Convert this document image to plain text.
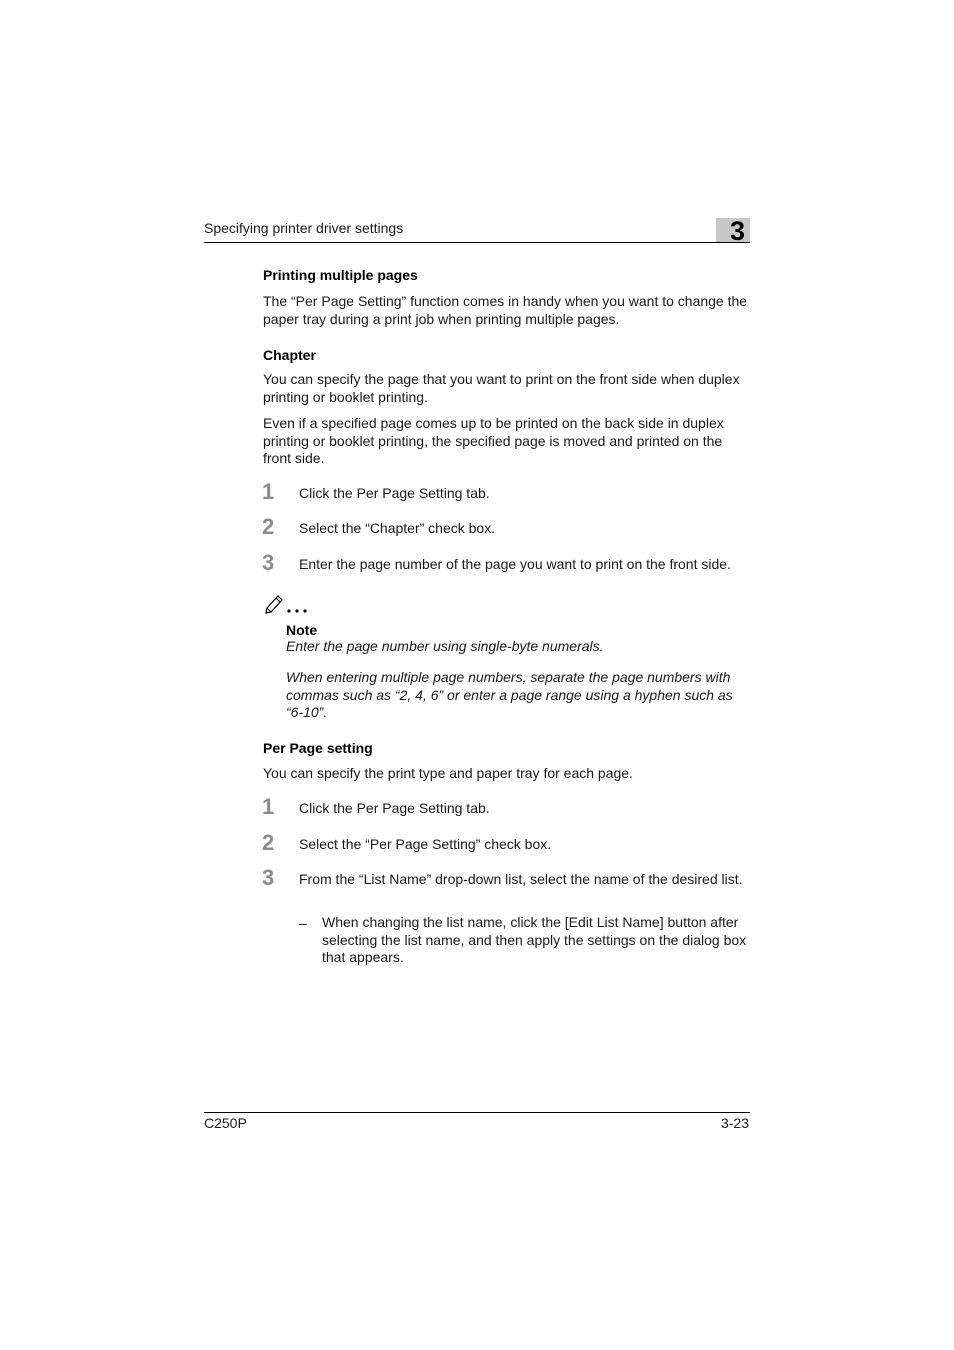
Specifying printer driver settings	3
Printing multiple pages
The “Per Page Setting” function comes in handy when you want to change the paper tray during a print job when printing multiple pages.
Chapter
You can specify the page that you want to print on the front side when duplex printing or booklet printing.
Even if a specified page comes up to be printed on the back side in duplex printing or booklet printing, the specified page is moved and printed on the front side.
1 Click the Per Page Setting tab.
2 Select the “Chapter” check box.
3 Enter the page number of the page you want to print on the front side.
Note
Enter the page number using single-byte numerals.
When entering multiple page numbers, separate the page numbers with commas such as “2, 4, 6” or enter a page range using a hyphen such as “6-10”.
Per Page setting
You can specify the print type and paper tray for each page.
1 Click the Per Page Setting tab.
2 Select the “Per Page Setting” check box.
3 From the “List Name” drop-down list, select the name of the desired list.
– When changing the list name, click the [Edit List Name] button after selecting the list name, and then apply the settings on the dialog box that appears.
C250P	3-23
